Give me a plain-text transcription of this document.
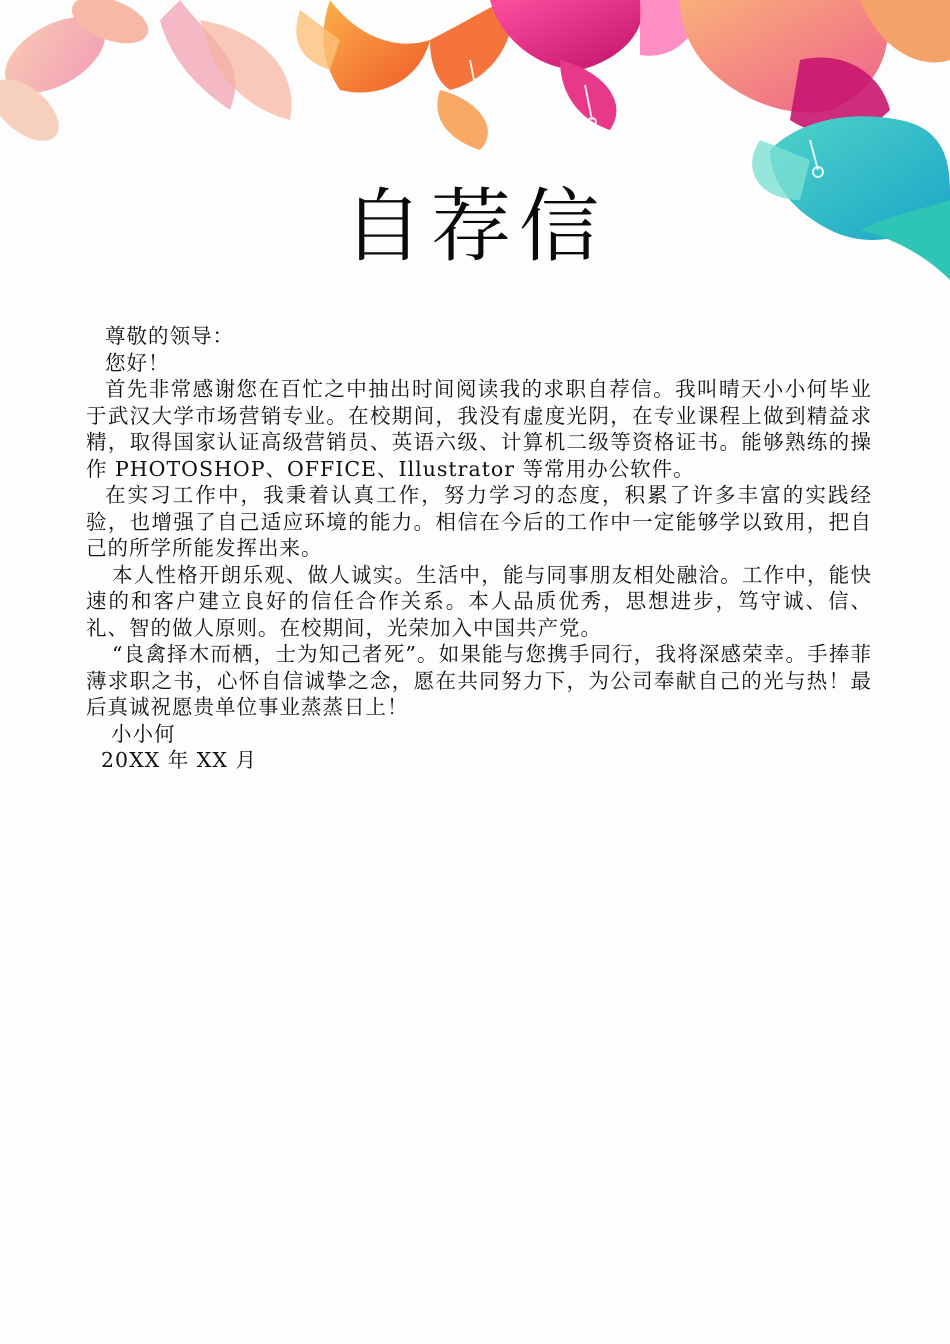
自荐信

尊敬的领导：

您好！

首先非常感谢您在百忙之中抽出时间阅读我的求职自荐信。我叫晴天小小何毕业于武汉大学市场营销专业。在校期间，我没有虚度光阴，在专业课程上做到精益求精，取得国家认证高级营销员、英语六级、计算机二级等资格证书。能够熟练的操作 PHOTOSHOP、OFFICE、Illustrator 等常用办公软件。

在实习工作中，我秉着认真工作，努力学习的态度，积累了许多丰富的实践经验，也增强了自己适应环境的能力。相信在今后的工作中一定能够学以致用，把自己的所学所能发挥出来。

本人性格开朗乐观、做人诚实。生活中，能与同事朋友相处融洽。工作中，能快速的和客户建立良好的信任合作关系。本人品质优秀，思想进步，笃守诚、信、礼、智的做人原则。在校期间，光荣加入中国共产党。

“良禽择木而栖，士为知己者死”。如果能与您携手同行，我将深感荣幸。手捧菲薄求职之书，心怀自信诚挚之念，愿在共同努力下，为公司奉献自己的光与热！最后真诚祝愿贵单位事业蒸蒸日上！

小小何

20XX 年 XX 月
